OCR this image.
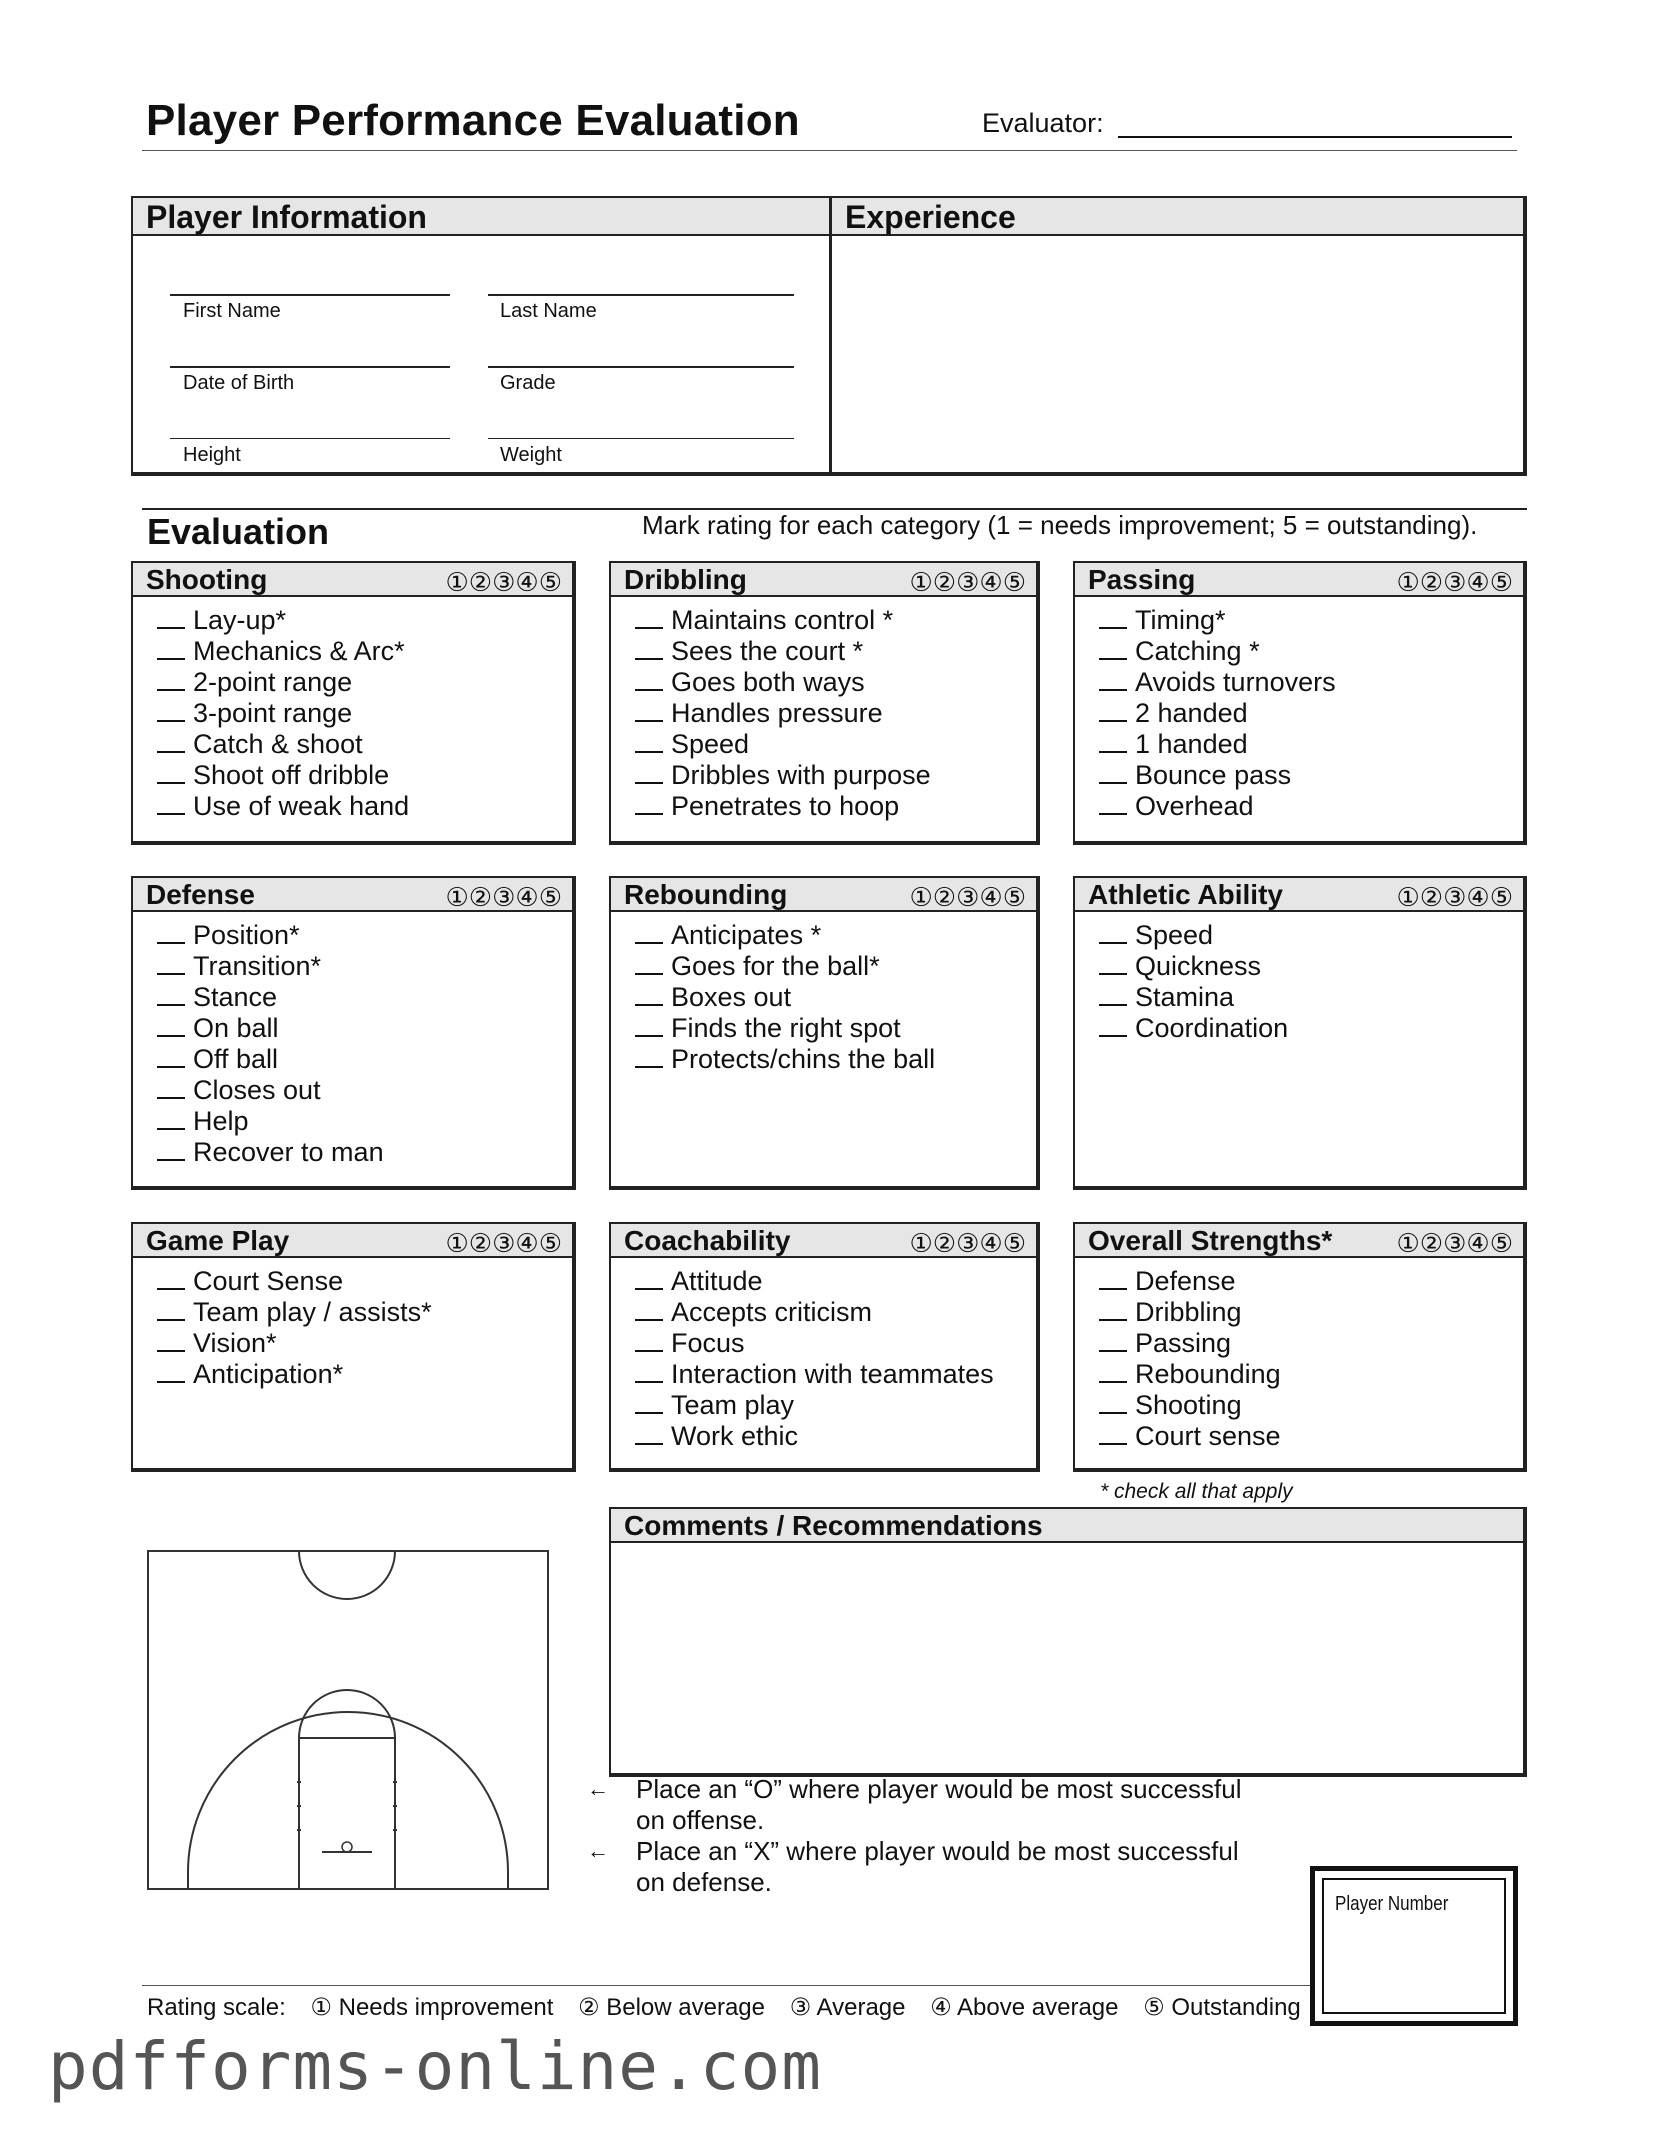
Player Performance Evaluation	Evaluator:
Player Information
First Name	Last Name
Date of Birth	Grade
Height	Weight
Experience
Evaluation	Mark rating for each category (1 = needs improvement; 5 = outstanding).
Shooting	①②③④⑤
Lay-up*
Mechanics & Arc*
2-point range
3-point range
Catch & shoot
Shoot off dribble
Use of weak hand
Dribbling	①②③④⑤
Maintains control *
Sees the court *
Goes both ways
Handles pressure
Speed
Dribbles with purpose
Penetrates to hoop
Passing	①②③④⑤
Timing*
Catching *
Avoids turnovers
2 handed
1 handed
Bounce pass
Overhead
Defense	①②③④⑤
Position*
Transition*
Stance
On ball
Off ball
Closes out
Help
Recover to man
Rebounding	①②③④⑤
Anticipates *
Goes for the ball*
Boxes out
Finds the right spot
Protects/chins the ball
Athletic Ability	①②③④⑤
Speed
Quickness
Stamina
Coordination
Game Play	①②③④⑤
Court Sense
Team play / assists*
Vision*
Anticipation*
Coachability	①②③④⑤
Attitude
Accepts criticism
Focus
Interaction with teammates
Team play
Work ethic
Overall Strengths* ①②③④⑤
Defense
Dribbling
Passing
Rebounding
Shooting
Court sense
* check all that apply
Comments / Recommendations
← Place an “O” where player would be most successful
on offense.
← Place an “X” where player would be most successful
on defense.
Player Number
Rating scale: ① Needs improvement ② Below average ③ Average ④ Above average ⑤ Outstanding
pdfforms-online.com
